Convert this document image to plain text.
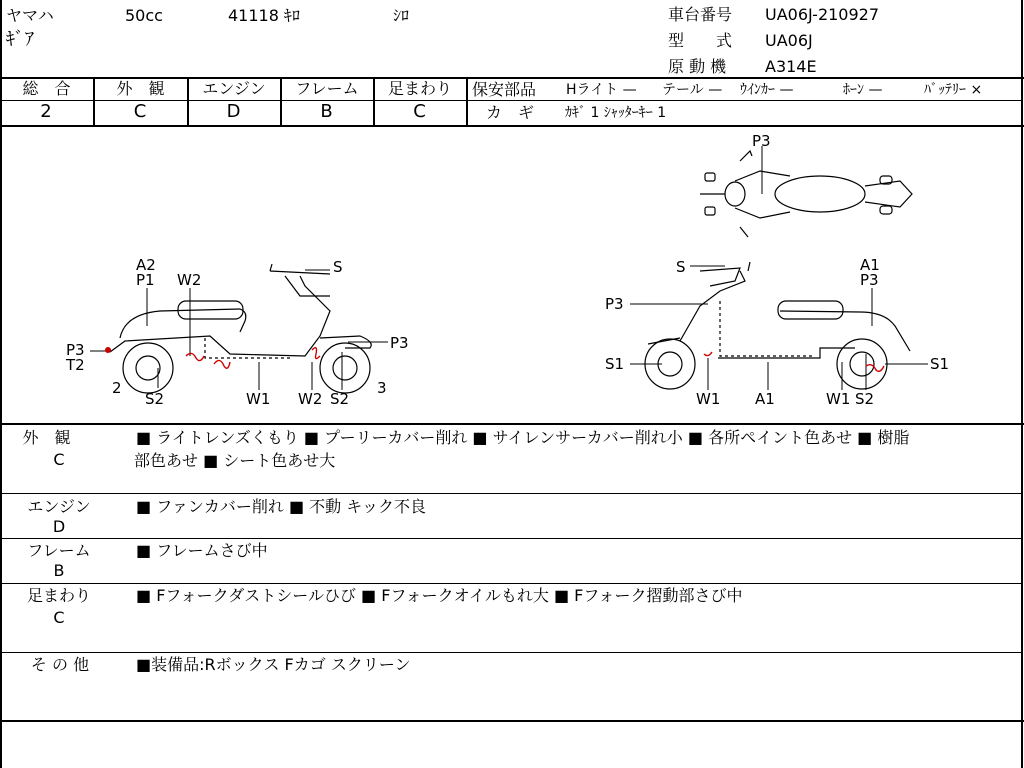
ヤマハ	50cc	41118 ｷﾛ	ｼﾛ
ｷﾞｱ
車台番号 UA06J-210927
型　　式 UA06J
原 動 機 A314E
総　合
2
外　観
C
エンジン
D
フレーム
B
足まわり
C
保安部品 Hライト — テール — ｳｲﾝｶｰ —	ﾎｰﾝ —	ﾊﾞｯﾃﾘｰ ×
カ　ギ ｶｷﾞ 1 ｼｬｯﾀｰｷｰ 1
P3
A2
P1 W2
S
P3
T2
P3
2
S2	W1 W2 S2
3
S	A1
P3
P3
S1	S1
W1 A1	W1 S2
外　観
C
■ ライトレンズくもり ■ プーリーカバー削れ ■ サイレンサーカバー削れ小 ■ 各所ペイント色あせ ■ 樹脂
部色あせ ■ シート色あせ大
エンジン
D
■ ファンカバー削れ ■ 不動 キック不良
フレーム
B
■ フレームさび中
足まわり
C
■ Fフォークダストシールひび ■ Fフォークオイルもれ大 ■ Fフォーク摺動部さび中
そ の 他	■装備品:Rボックス Fカゴ スクリーン
